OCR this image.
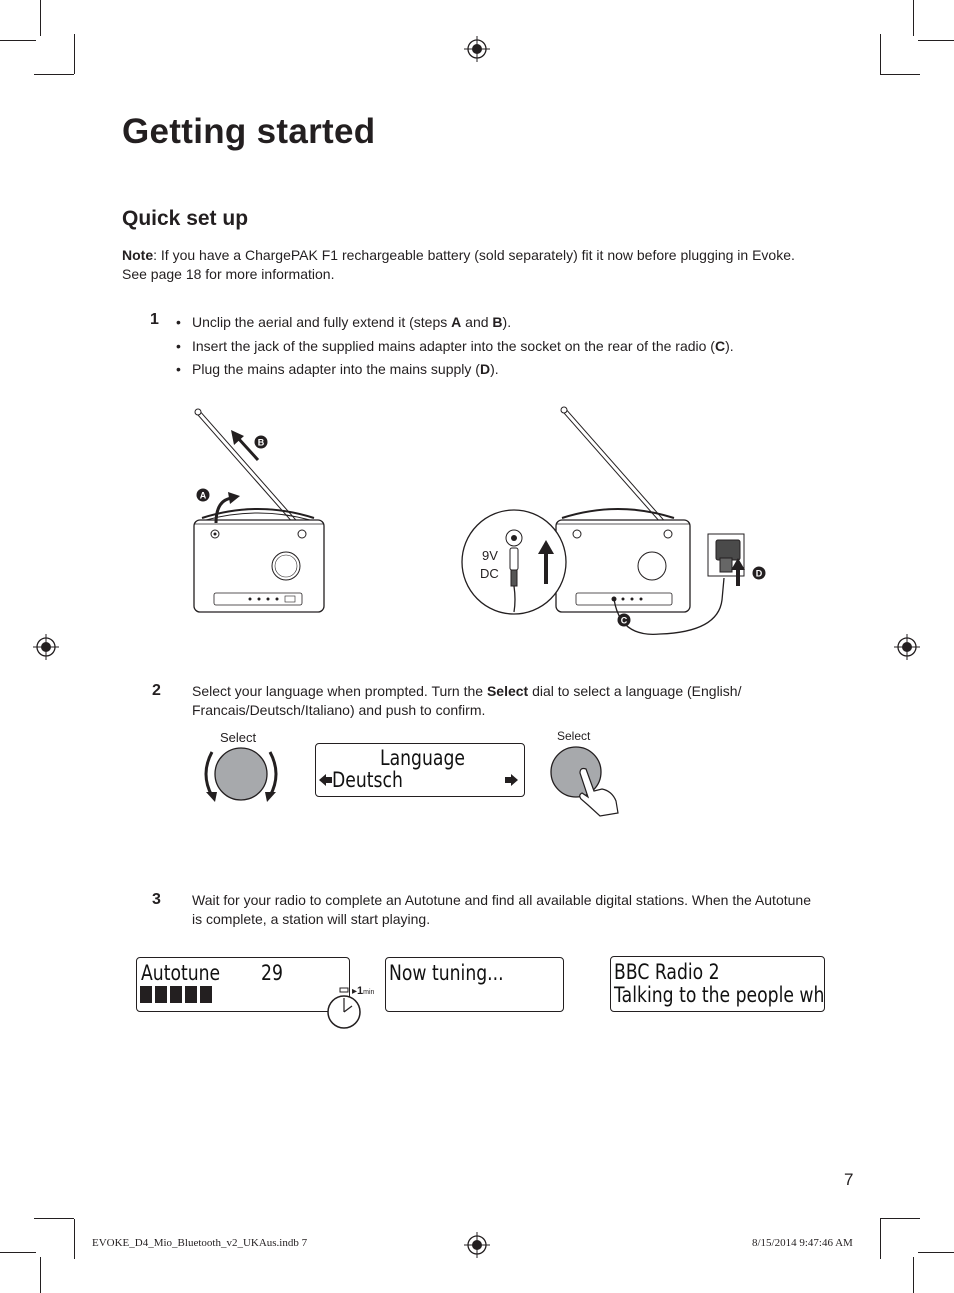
Getting started
Quick set up
Note: If you have a ChargePAK F1 rechargeable battery (sold separately) fit it now before plugging in Evoke. See page 18 for more information.
1
•	Unclip the aerial and fully extend it (steps A and B).
• Insert the jack of the supplied mains adapter into the socket on the rear of the radio (C).
• Plug the mains adapter into the mains supply (D).
A
B
9V
DC
C
D
2 Select your language when prompted. Turn the Select dial to select a language (English/ Francais/Deutsch/Italiano) and push to confirm.
Select
Language
Deutsch
Select
3 Wait for your radio to complete an Autotune and find all available digital stations. When the Autotune is complete, a station will start playing.
Autotune 29
▸1min
Now tuning...	BBC Radio 2
Talking to the people wh
7
EVOKE_D4_Mio_Bluetooth_v2_UKAus.indb 7	8/15/2014 9:47:46 AM
